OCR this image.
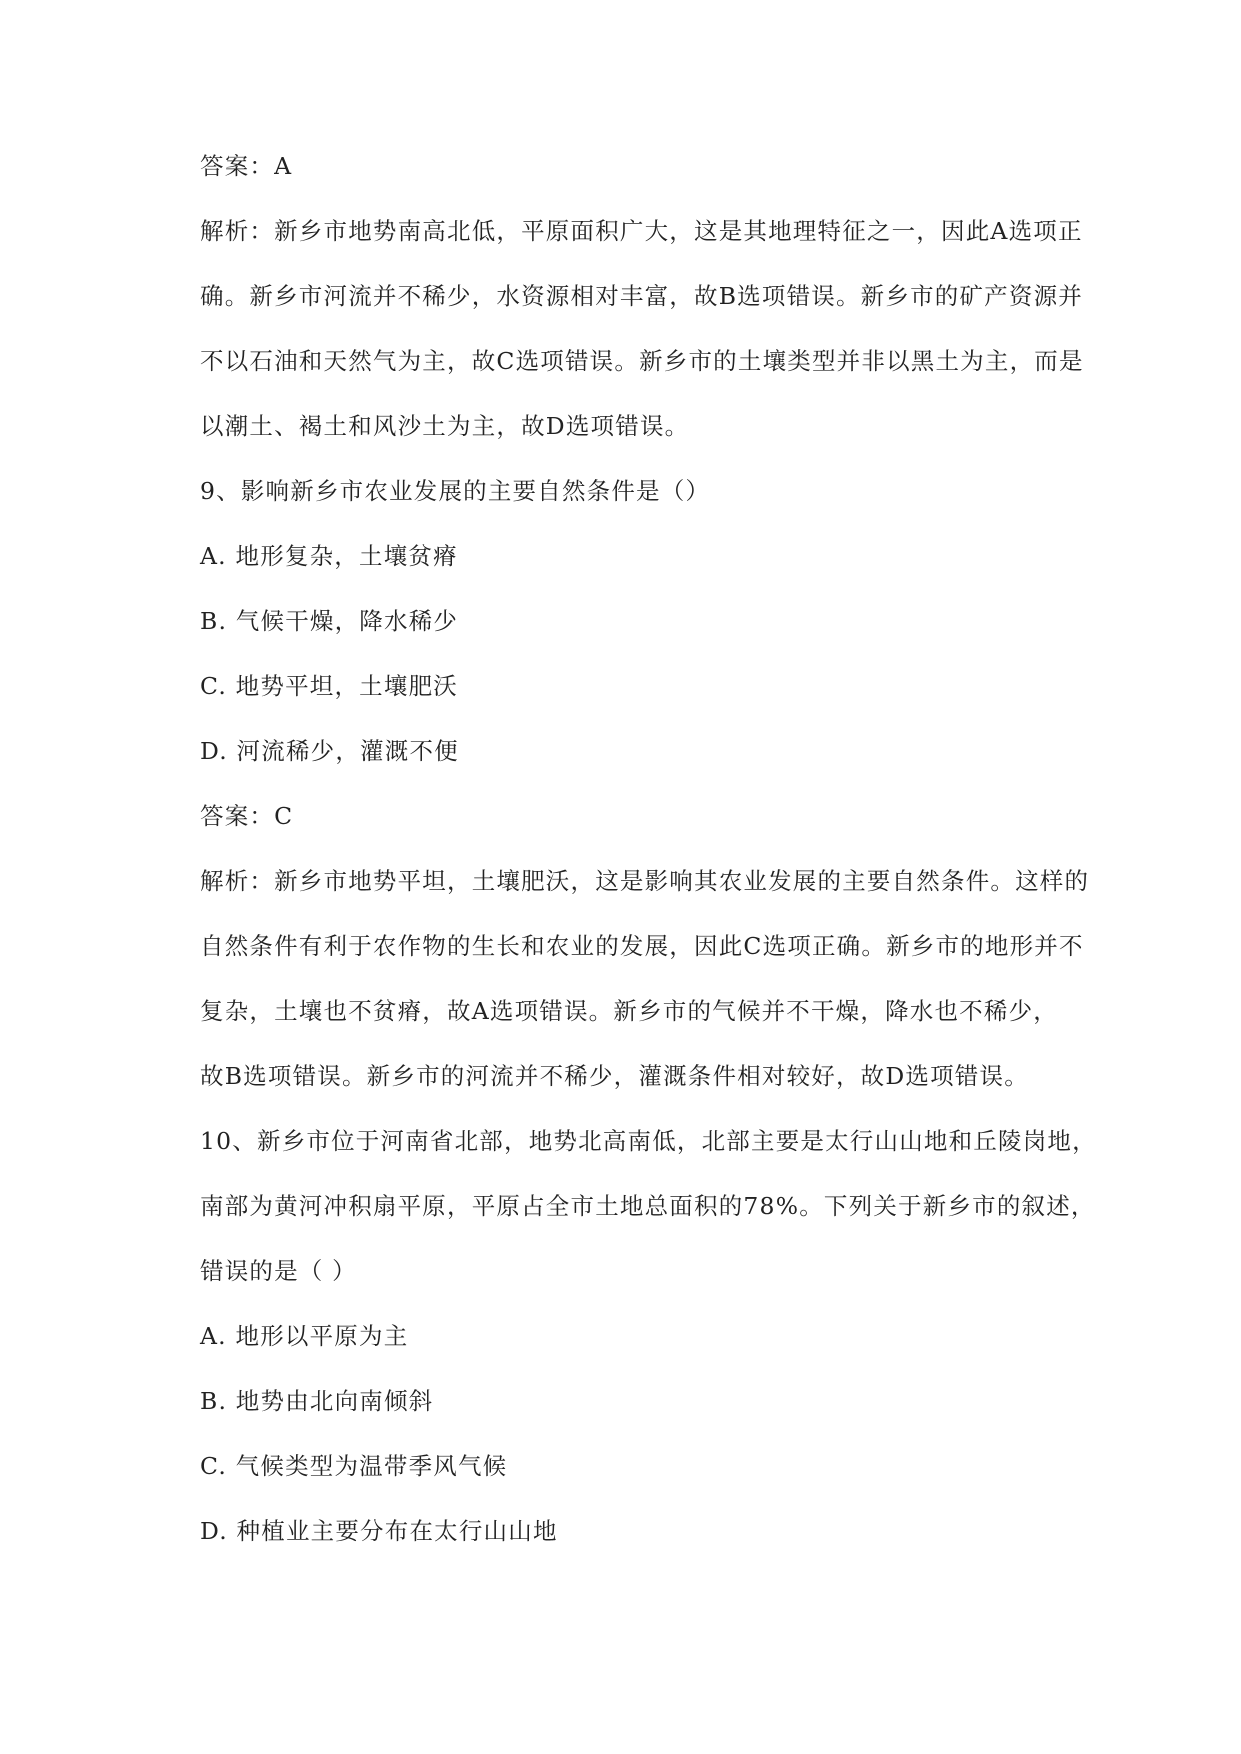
答案：A
解析：新乡市地势南高北低，平原面积广大，这是其地理特征之一，因此A选项正
确。新乡市河流并不稀少，水资源相对丰富，故B选项错误。新乡市的矿产资源并
不以石油和天然气为主，故C选项错误。新乡市的土壤类型并非以黑土为主，而是
以潮土、褐土和风沙土为主，故D选项错误。
9、影响新乡市农业发展的主要自然条件是（）
A. 地形复杂，土壤贫瘠
B. 气候干燥，降水稀少
C. 地势平坦，土壤肥沃
D. 河流稀少，灌溉不便
答案：C
解析：新乡市地势平坦，土壤肥沃，这是影响其农业发展的主要自然条件。这样的
自然条件有利于农作物的生长和农业的发展，因此C选项正确。新乡市的地形并不
复杂，土壤也不贫瘠，故A选项错误。新乡市的气候并不干燥，降水也不稀少，
故B选项错误。新乡市的河流并不稀少，灌溉条件相对较好，故D选项错误。
10、新乡市位于河南省北部，地势北高南低，北部主要是太行山山地和丘陵岗地，
南部为黄河冲积扇平原，平原占全市土地总面积的78%。下列关于新乡市的叙述，
错误的是（ ）
A. 地形以平原为主
B. 地势由北向南倾斜
C. 气候类型为温带季风气候
D. 种植业主要分布在太行山山地
